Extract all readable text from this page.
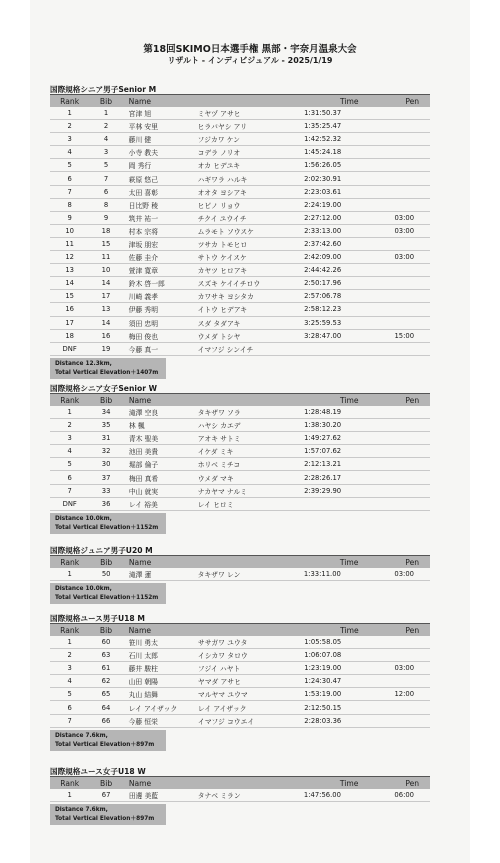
第18回SKIMO日本選手権 黒部・宇奈月温泉大会
リザルト - インディビジュアル - 2025/1/19
国際規格シニア男子Senior M
Rank	Bib	Name		Time	Pen
1	1	宮津 旭	ミヤヅ アサヒ	1:31:50.37	
2	2	平林 安里	ヒラバヤシ アリ	1:35:25.47	
3	4	藤川 健	フジカワ ケン	1:42:52.32	
4	3	小寺 教夫	コデラ ノリオ	1:45:24.18	
5	5	岡 秀行	オカ ヒデユキ	1:56:26.05	
6	7	萩原 悠己	ハギワラ ハルキ	2:02:30.91	
7	6	太田 喜彰	オオタ ヨシアキ	2:23:03.61	
8	8	日比野 稜	ヒビノ リョウ	2:24:19.00	
9	9	筑井 祐一	チクイ ユウイチ	2:27:12.00	03:00
10	18	村本 宗将	ムラモト ソウスケ	2:33:13.00	03:00
11	15	津坂 朋宏	ツサカ トモヒロ	2:37:42.60	
12	11	佐藤 圭介	サトウ ケイスケ	2:42:09.00	03:00
13	10	萱津 寛章	カヤツ ヒロアキ	2:44:42.26	
14	14	鈴木 啓一郎	スズキ ケイイチロウ	2:50:17.96	
15	17	川崎 義孝	カワサキ ヨシタカ	2:57:06.78	
16	13	伊藤 秀明	イトウ ヒデアキ	2:58:12.23	
17	14	須田 忠明	スダ タダアキ	3:25:59.53	
18	16	梅田 俊也	ウメダ トシヤ	3:28:47.00	15:00
DNF	19	今藤 真一	イマフジ シンイチ		
Distance 12.3km,
Total Vertical Elevation＋1407m
国際規格シニア女子Senior W
Rank	Bib	Name		Time	Pen
1	34	滝澤 空良	タキザワ ソラ	1:28:48.19	
2	35	林 楓	ハヤシ カエデ	1:38:30.20	
3	31	青木 聖美	アオキ サトミ	1:49:27.62	
4	32	池田 美貴	イケダ ミキ	1:57:07.62	
5	30	堀部 倫子	ホリベ ミチコ	2:12:13.21	
6	37	梅田 真希	ウメダ マキ	2:28:26.17	
7	33	中山 就実	ナカヤマ ナルミ	2:39:29.90	
DNF	36	レイ 裕美	レイ ヒロミ		
Distance 10.0km,
Total Vertical Elevation＋1152m
国際規格ジュニア男子U20 M
Rank	Bib	Name		Time	Pen
1	50	滝澤 蓮	タキザワ レン	1:33:11.00	03:00
Distance 10.0km,
Total Vertical Elevation＋1152m
国際規格ユース男子U18 M
Rank	Bib	Name		Time	Pen
1	60	笹川 勇太	ササガワ ユウタ	1:05:58.05	
2	63	石川 太郎	イシカワ タロウ	1:06:07.08	
3	61	藤井 駿柱	フジイ ハヤト	1:23:19.00	03:00
4	62	山田 朝陽	ヤマダ アサヒ	1:24:30.47	
5	65	丸山 結舞	マルヤマ ユウマ	1:53:19.00	12:00
6	64	レイ アイザック	レイ アイザック	2:12:50.15	
7	66	今藤 恒栄	イマフジ コウエイ	2:28:03.36	
Distance 7.6km,
Total Vertical Elevation＋897m
国際規格ユース女子U18 W
Rank	Bib	Name		Time	Pen
1	67	田邊 美藍	タナベ ミラン	1:47:56.00	06:00
Distance 7.6km,
Total Vertical Elevation＋897m
